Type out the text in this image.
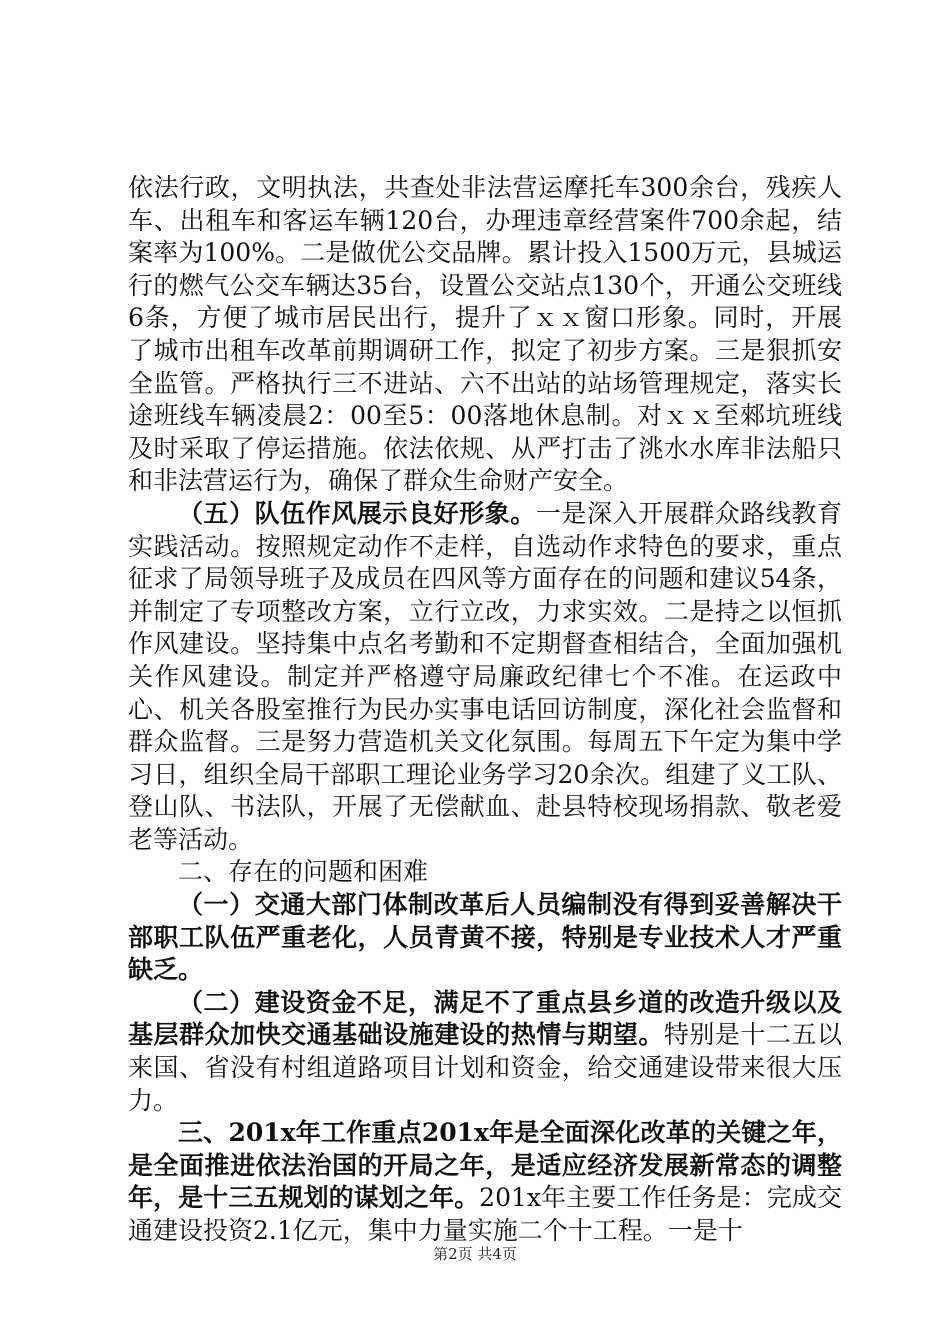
依法行政，文明执法，共查处非法营运摩托车300余台，残疾人车、出租车和客运车辆120台，办理违章经营案件700余起，结案率为100%。二是做优公交品牌。累计投入1500万元，县城运行的燃气公交车辆达35台，设置公交站点130个，开通公交班线6条，方便了城市居民出行，提升了ｘｘ窗口形象。同时，开展了城市出租车改革前期调研工作，拟定了初步方案。三是狠抓安全监管。严格执行三不进站、六不出站的站场管理规定，落实长途班线车辆凌晨2：00至5：00落地休息制。对ｘｘ至郲坑班线及时采取了停运措施。依法依规、从严打击了洮水水库非法船只和非法营运行为，确保了群众生命财产安全。

（五）队伍作风展示良好形象。一是深入开展群众路线教育实践活动。按照规定动作不走样，自选动作求特色的要求，重点征求了局领导班子及成员在四风等方面存在的问题和建议54条，并制定了专项整改方案，立行立改，力求实效。二是持之以恒抓作风建设。坚持集中点名考勤和不定期督查相结合，全面加强机关作风建设。制定并严格遵守局廉政纪律七个不准。在运政中心、机关各股室推行为民办实事电话回访制度，深化社会监督和群众监督。三是努力营造机关文化氛围。每周五下午定为集中学习日，组织全局干部职工理论业务学习20余次。组建了义工队、登山队、书法队，开展了无偿献血、赴县特校现场捐款、敬老爱老等活动。

二、存在的问题和困难

（一）交通大部门体制改革后人员编制没有得到妥善解决干部职工队伍严重老化，人员青黄不接，特别是专业技术人才严重缺乏。

（二）建设资金不足，满足不了重点县乡道的改造升级以及基层群众加快交通基础设施建设的热情与期望。特别是十二五以来国、省没有村组道路项目计划和资金，给交通建设带来很大压力。

三、201x年工作重点201x年是全面深化改革的关键之年，是全面推进依法治国的开局之年，是适应经济发展新常态的调整年，是十三五规划的谋划之年。201x年主要工作任务是：完成交通建设投资2.1亿元，集中力量实施二个十工程。一是十

第2页 共4页
